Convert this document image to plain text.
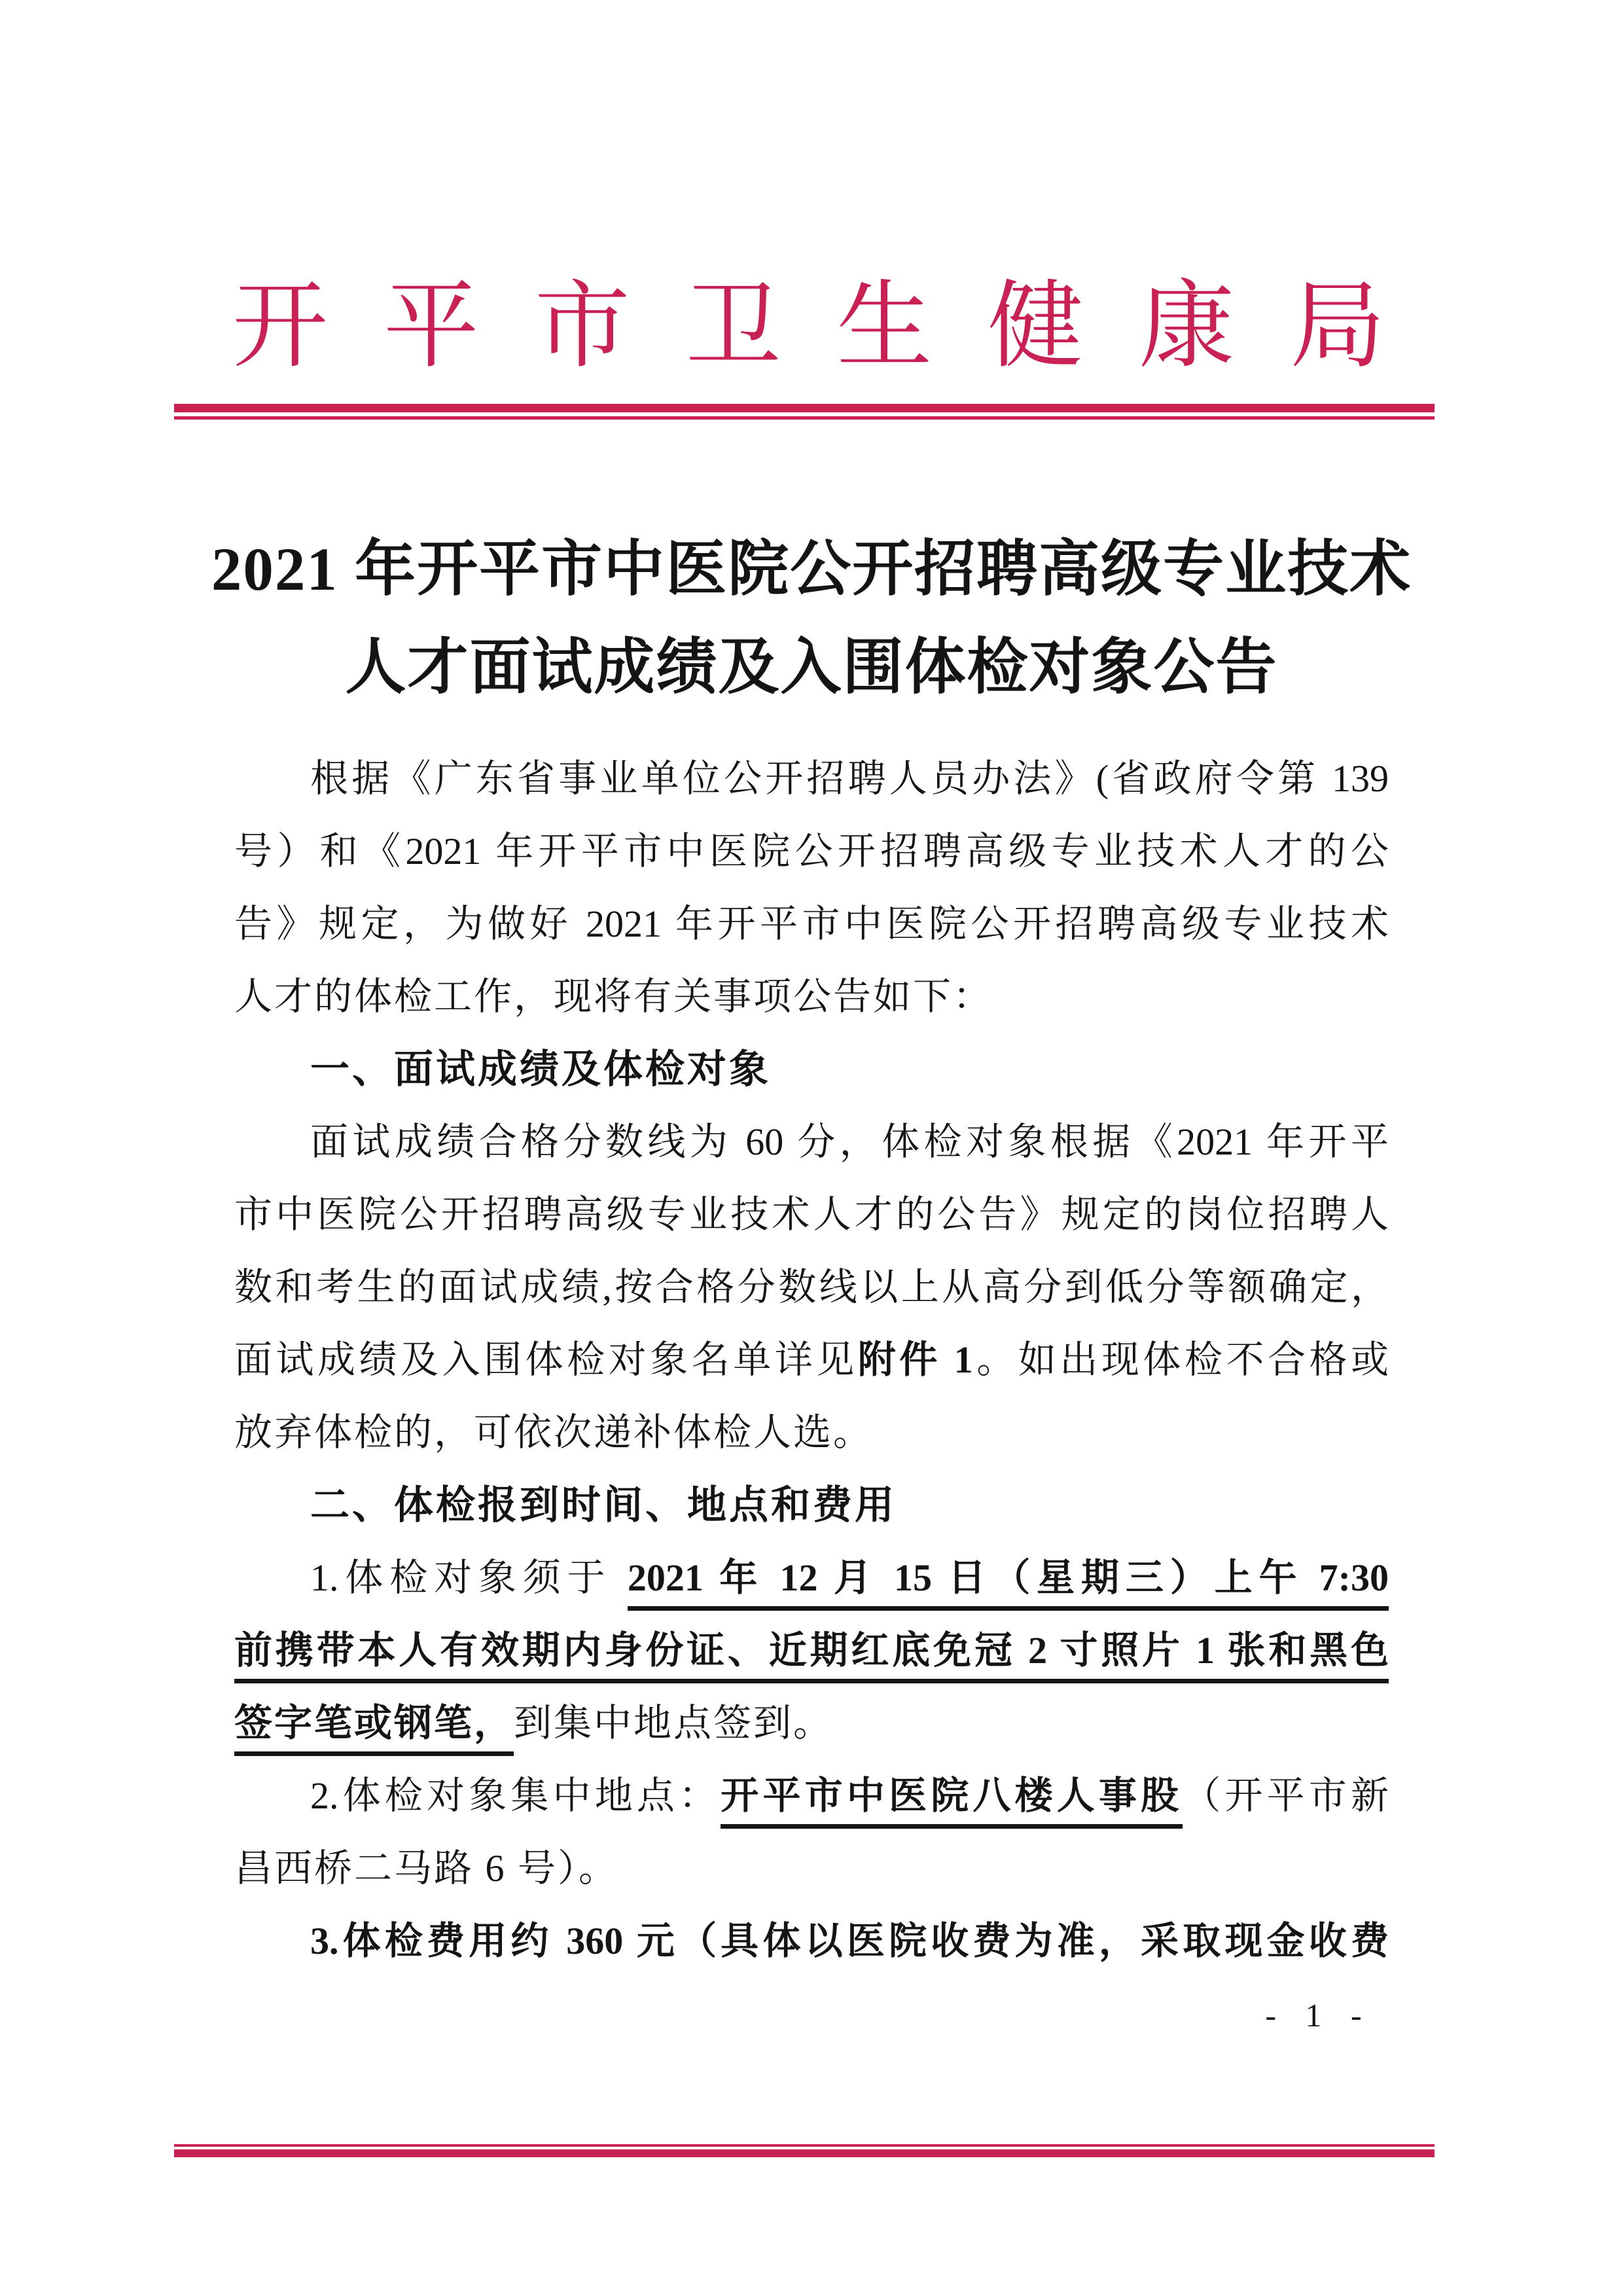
开平市卫生健康局
2021 年开平市中医院公开招聘高级专业技术
人才面试成绩及入围体检对象公告
根据《广东省事业单位公开招聘人员办法》(省政府令第 139
号）和《2021 年开平市中医院公开招聘高级专业技术人才的公
告》规定，为做好 2021 年开平市中医院公开招聘高级专业技术
人才的体检工作，现将有关事项公告如下：
一、面试成绩及体检对象
面试成绩合格分数线为 60 分，体检对象根据《2021 年开平
市中医院公开招聘高级专业技术人才的公告》规定的岗位招聘人
数和考生的面试成绩,按合格分数线以上从高分到低分等额确定，
面试成绩及入围体检对象名单详见附件 1。如出现体检不合格或
放弃体检的，可依次递补体检人选。
二、体检报到时间、地点和费用
1.体检对象须于 2021 年 12 月 15 日（星期三）上午 7:30
前携带本人有效期内身份证、近期红底免冠 2 寸照片 1 张和黑色
签字笔或钢笔，到集中地点签到。
2.体检对象集中地点：开平市中医院八楼人事股（开平市新
昌西桥二马路 6 号）。
3.体检费用约 360 元（具体以医院收费为准，采取现金收费
- 1 -
